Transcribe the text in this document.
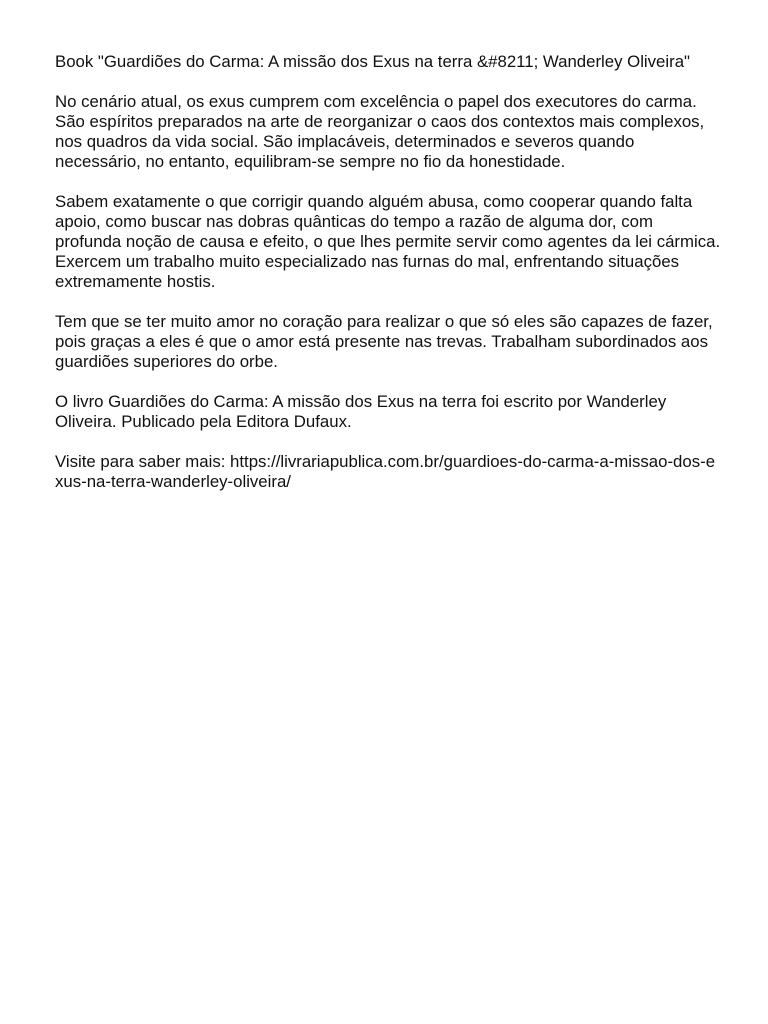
Book "Guardiões do Carma: A missão dos Exus na terra &#8211; Wanderley Oliveira"

No cenário atual, os exus cumprem com excelência o papel dos executores do carma. São espíritos preparados na arte de reorganizar o caos dos contextos mais complexos, nos quadros da vida social. São implacáveis, determinados e severos quando necessário, no entanto, equilibram-se sempre no fio da honestidade.

Sabem exatamente o que corrigir quando alguém abusa, como cooperar quando falta apoio, como buscar nas dobras quânticas do tempo a razão de alguma dor, com profunda noção de causa e efeito, o que lhes permite servir como agentes da lei cármica. Exercem um trabalho muito especializado nas furnas do mal, enfrentando situações extremamente hostis.

Tem que se ter muito amor no coração para realizar o que só eles são capazes de fazer, pois graças a eles é que o amor está presente nas trevas. Trabalham subordinados aos guardiões superiores do orbe.

O livro Guardiões do Carma: A missão dos Exus na terra foi escrito por Wanderley Oliveira. Publicado pela Editora Dufaux.

Visite para saber mais: https://livrariapublica.com.br/guardioes-do-carma-a-missao-dos-exus-na-terra-wanderley-oliveira/
